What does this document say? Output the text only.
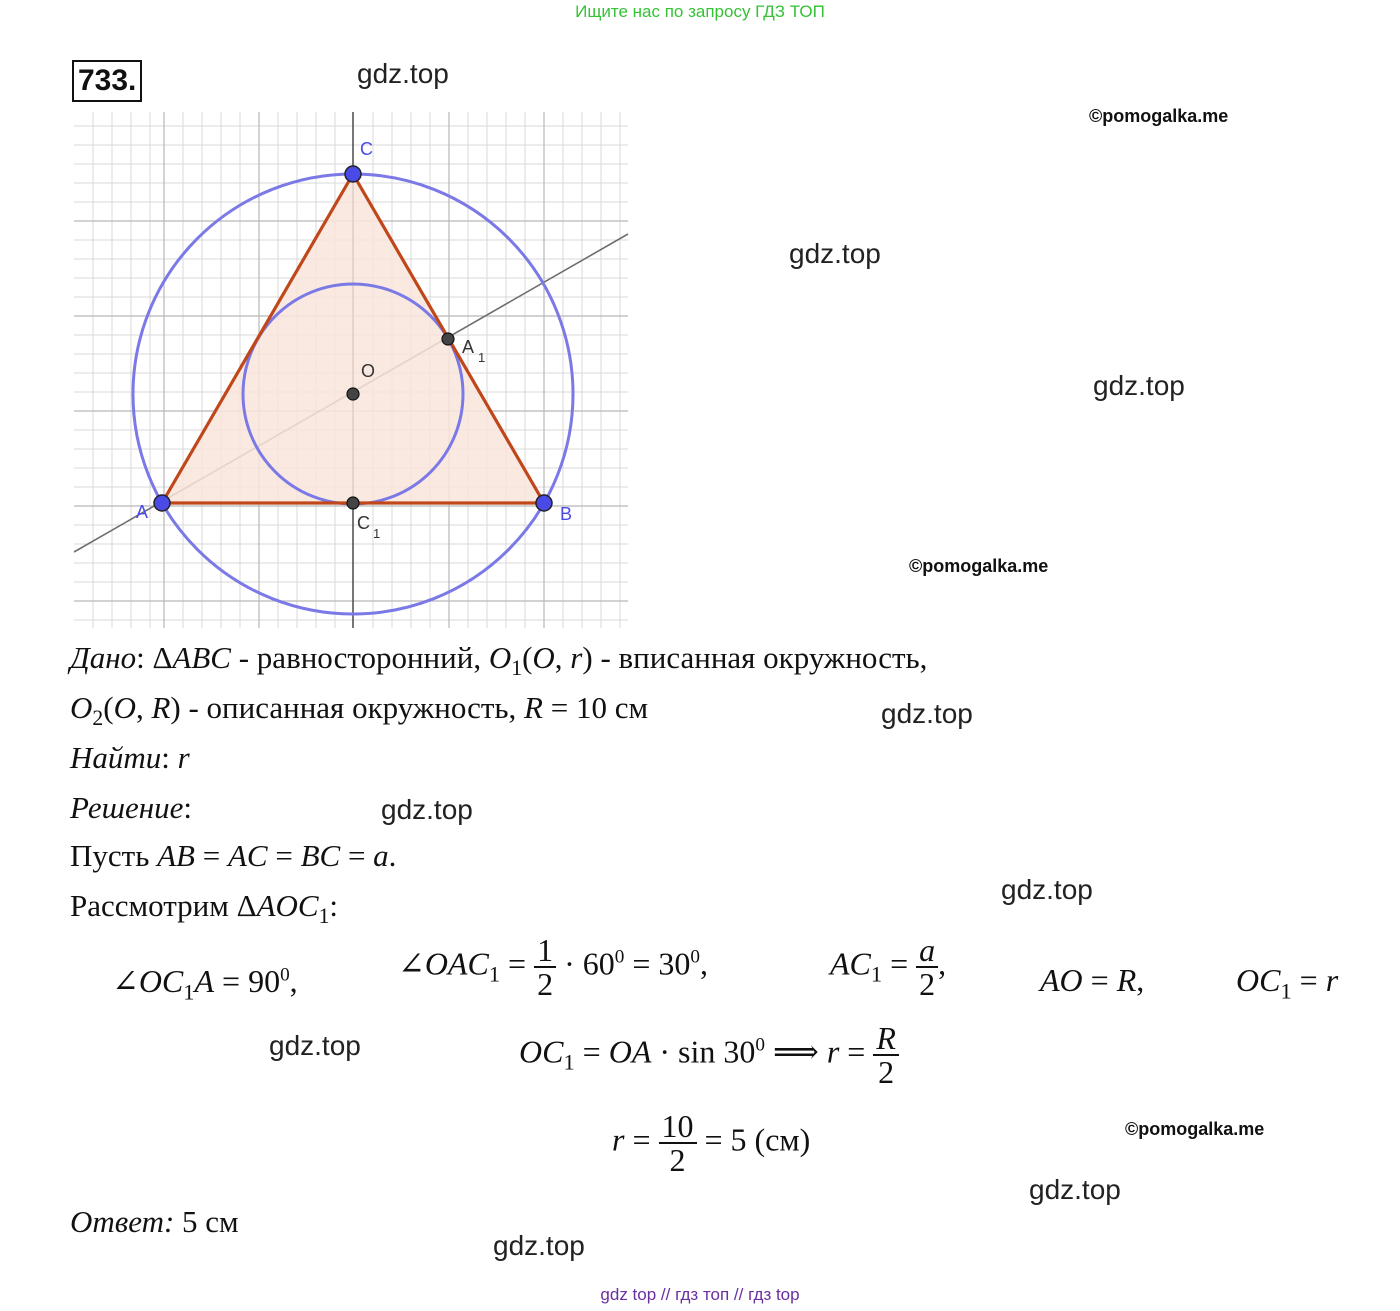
Ищите нас по запросу ГДЗ ТОП
733.	gdz.top
gdz.top
gdz.top
gdz.top
gdz.top
gdz.top
gdz.top
gdz.top
gdz.top
©pomogalka.me
©pomogalka.me
©pomogalka.me
C
A	B
O
A
1
C
1
Дано: ΔABC - равносторонний, $O_1(O$, r) - вписанная окружность,
$O_2(O$, R) - описанная окружность, R = 10 см
Найти: r
Решение:
Пусть AB = AC = BC = a.
Рассмотрим $\Delta AOC_1$:
$\angle OC_1A = 90^0$,	$\angle OAC_1 = \frac{1}{2} \cdot 60^0 = 30^0$,	$AC_1 = \frac{a}{2}$ ,	AO = R,	$OC_1 = r$
$OC_1$ = OA · $\sin 30^0$ ⟹ $r = \frac{R}{2}$
$r = \frac{10}{2} = 5$ (см)
Ответ: 5 см
gdz top // гдз топ // гдз top
